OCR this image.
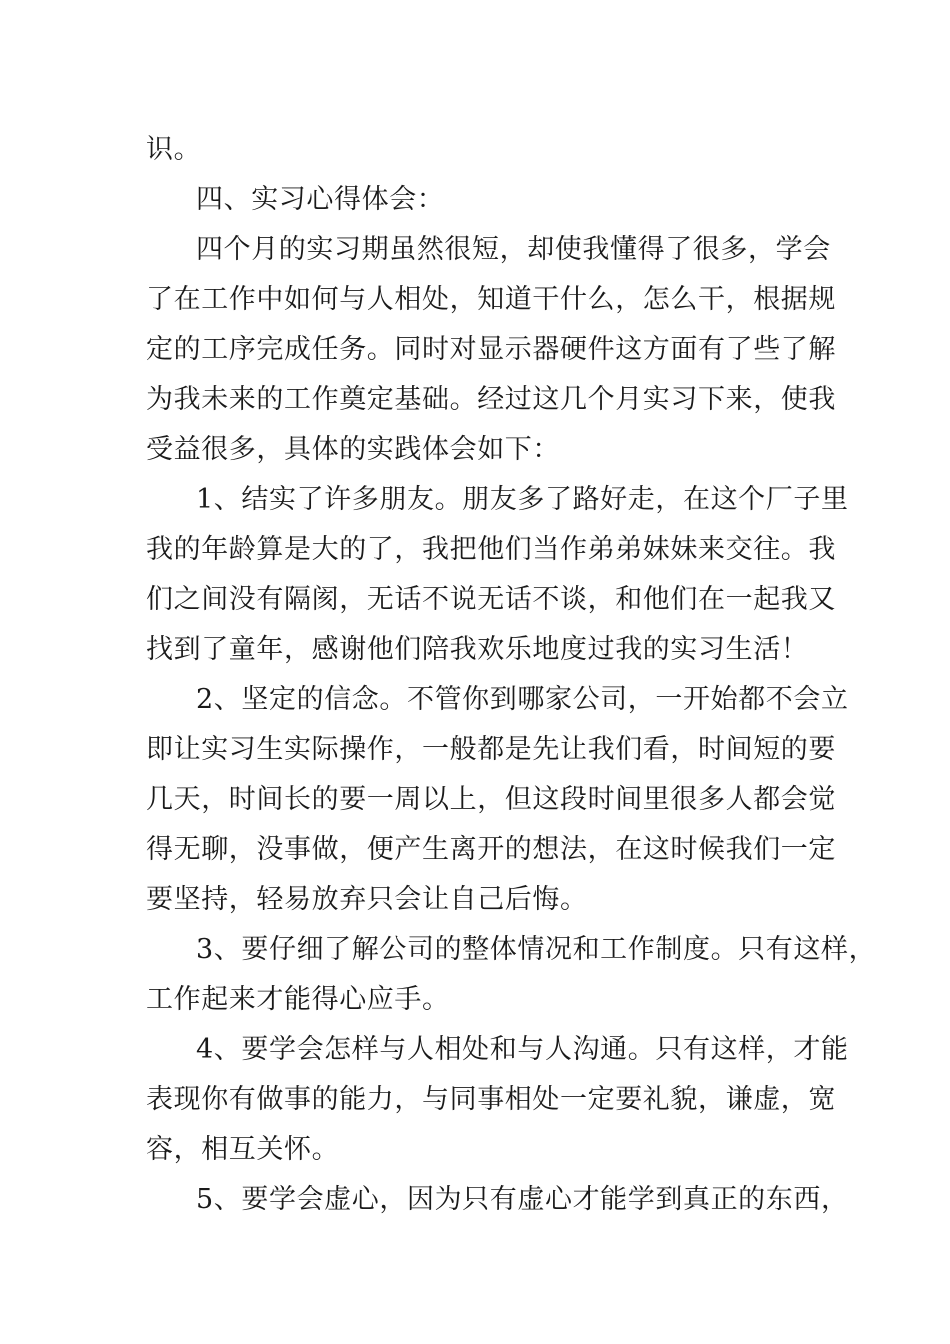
识。
四、实习心得体会：
四个月的实习期虽然很短，却使我懂得了很多，学会
了在工作中如何与人相处，知道干什么，怎么干，根据规
定的工序完成任务。同时对显示器硬件这方面有了些了解
为我未来的工作奠定基础。经过这几个月实习下来，使我
受益很多，具体的实践体会如下：
1、结实了许多朋友。朋友多了路好走，在这个厂子里
我的年龄算是大的了，我把他们当作弟弟妹妹来交往。我
们之间没有隔阂，无话不说无话不谈，和他们在一起我又
找到了童年，感谢他们陪我欢乐地度过我的实习生活！
2、坚定的信念。不管你到哪家公司，一开始都不会立
即让实习生实际操作，一般都是先让我们看，时间短的要
几天，时间长的要一周以上，但这段时间里很多人都会觉
得无聊，没事做，便产生离开的想法，在这时候我们一定
要坚持，轻易放弃只会让自己后悔。
3、要仔细了解公司的整体情况和工作制度。只有这样，
工作起来才能得心应手。
4、要学会怎样与人相处和与人沟通。只有这样，才能
表现你有做事的能力，与同事相处一定要礼貌，谦虚，宽
容，相互关怀。
5、要学会虚心，因为只有虚心才能学到真正的东西，
